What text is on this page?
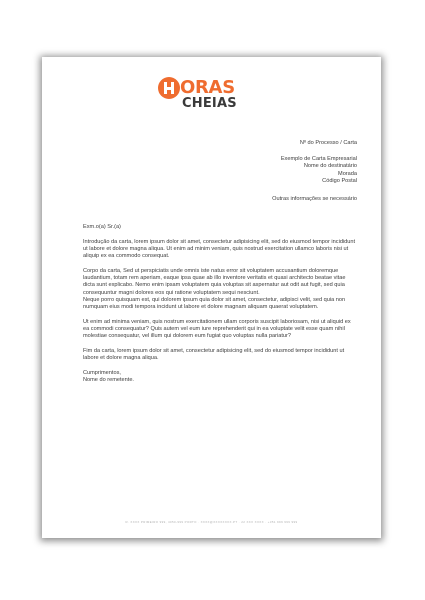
ORAS
CHEIAS
Nº do Processo / Carta
Exemplo de Carta Empresarial
Nome do destinatário
Morada
Código Postal
Outras informações se necessário

Exm.o(a) Sr.(a)

Introdução da carta, lorem ipsum dolor sit amet, consectetur adipisicing elit, sed do eiusmod tempor incididunt ut labore et dolore magna aliqua. Ut enim ad minim veniam, quis nostrud exercitation ullamco laboris nisi ut aliquip ex ea commodo consequat.

Corpo da carta, Sed ut perspiciatis unde omnis iste natus error sit voluptatem accusantium doloremque laudantium, totam rem aperiam, eaque ipsa quae ab illo inventore veritatis et quasi architecto beatae vitae dicta sunt explicabo. Nemo enim ipsam voluptatem quia voluptas sit aspernatur aut odit aut fugit, sed quia consequuntur magni dolores eos qui ratione voluptatem sequi nesciunt.

Neque porro quisquam est, qui dolorem ipsum quia dolor sit amet, consectetur, adipisci velit, sed quia non numquam eius modi tempora incidunt ut labore et dolore magnam aliquam quaerat voluptatem.

Ut enim ad minima veniam, quis nostrum exercitationem ullam corporis suscipit laboriosam, nisi ut aliquid ex ea commodi consequatur? Quis autem vel eum iure reprehenderit qui in ea voluptate velit esse quam nihil molestiae consequatur, vel illum qui dolorem eum fugiat quo voluptas nulla pariatur?

Fim da carta, lorem ipsum dolor sit amet, consectetur adipisicing elit, sed do eiusmod tempor incididunt ut labore et dolore magna aliqua.

Cumprimentos,

Nome do remetente.

R. XXXX PRIMEIRO 999, 4050-999 PORTO · XXXX@XXXXXXXX.PT · 22 XXX XXXX · +351 999 999 999
